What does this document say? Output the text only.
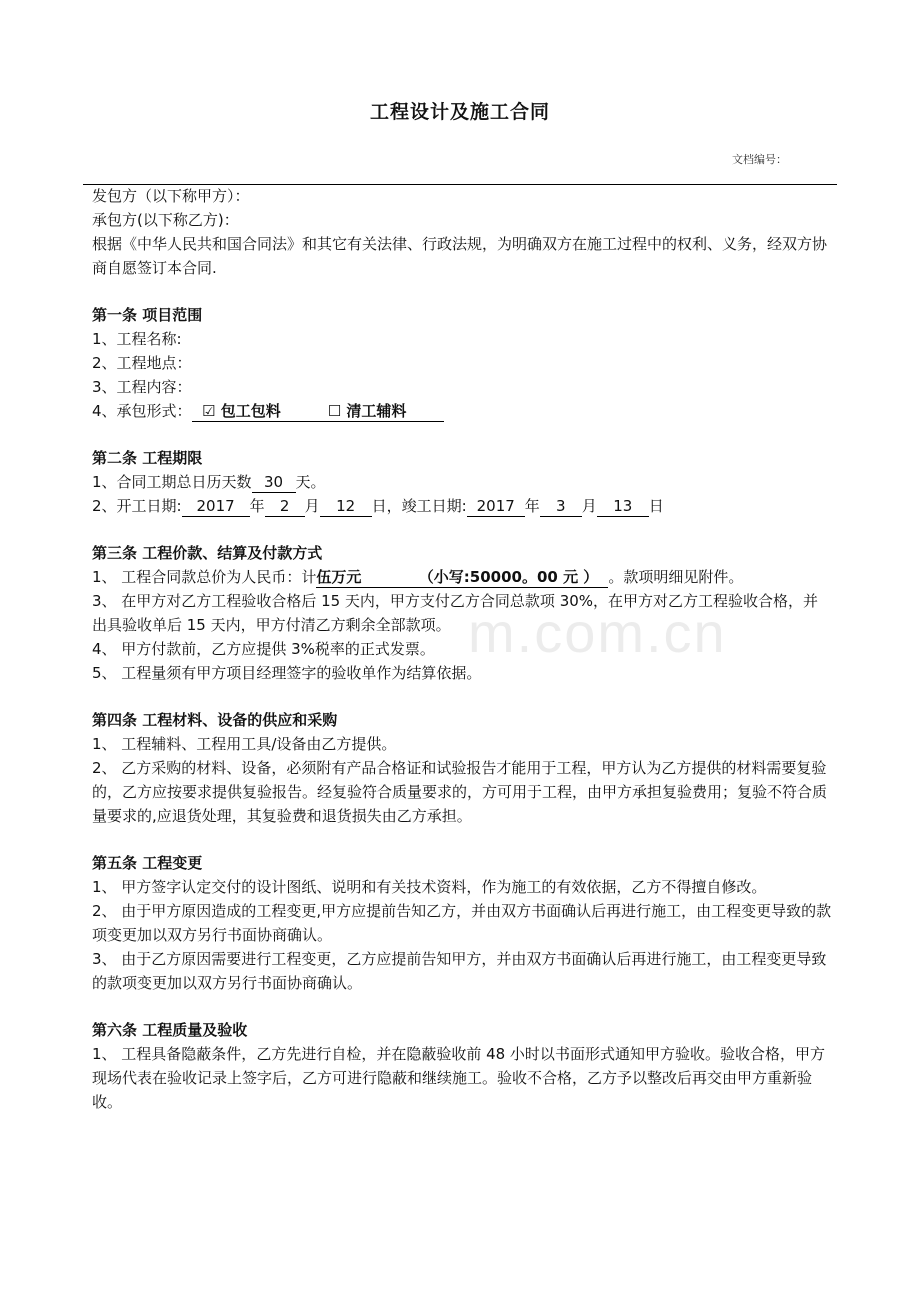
m.com.cn
工程设计及施工合同
文档编号：

发包方（以下称甲方）：

承包方(以下称乙方)：

根据《中华人民共和国合同法》和其它有关法律、行政法规，为明确双方在施工过程中的权利、义务，经双方协商自愿签订本合同.

第一条 项目范围

1、工程名称:

2、工程地点：

3、工程内容：

4、承包形式： ☑ 包工包料	☐ 清工辅料

第二条 工程期限

1、合同工期总日历天数 30 天。

2、开工日期: 2017 年 2 月 12 日，竣工日期: 2017 年 3 月 13 日

第三条 工程价款、结算及付款方式

1、 工程合同款总价为人民币：计伍万元	（小写:50000。00 元 ） 。款项明细见附件。

3、 在甲方对乙方工程验收合格后 15 天内，甲方支付乙方合同总款项 30%，在甲方对乙方工程验收合格，并出具验收单后 15 天内，甲方付清乙方剩余全部款项。

4、 甲方付款前，乙方应提供 3%税率的正式发票。

5、 工程量须有甲方项目经理签字的验收单作为结算依据。

第四条 工程材料、设备的供应和采购

1、 工程辅料、工程用工具/设备由乙方提供。

2、 乙方采购的材料、设备，必须附有产品合格证和试验报告才能用于工程，甲方认为乙方提供的材料需要复验的，乙方应按要求提供复验报告。经复验符合质量要求的，方可用于工程，由甲方承担复验费用；复验不符合质量要求的,应退货处理，其复验费和退货损失由乙方承担。

第五条 工程变更

1、 甲方签字认定交付的设计图纸、说明和有关技术资料，作为施工的有效依据，乙方不得擅自修改。

2、 由于甲方原因造成的工程变更,甲方应提前告知乙方，并由双方书面确认后再进行施工，由工程变更导致的款项变更加以双方另行书面协商确认。

3、 由于乙方原因需要进行工程变更，乙方应提前告知甲方，并由双方书面确认后再进行施工，由工程变更导致的款项变更加以双方另行书面协商确认。

第六条 工程质量及验收

1、 工程具备隐蔽条件，乙方先进行自检，并在隐蔽验收前 48 小时以书面形式通知甲方验收。验收合格，甲方现场代表在验收记录上签字后，乙方可进行隐蔽和继续施工。验收不合格，乙方予以整改后再交由甲方重新验收。
